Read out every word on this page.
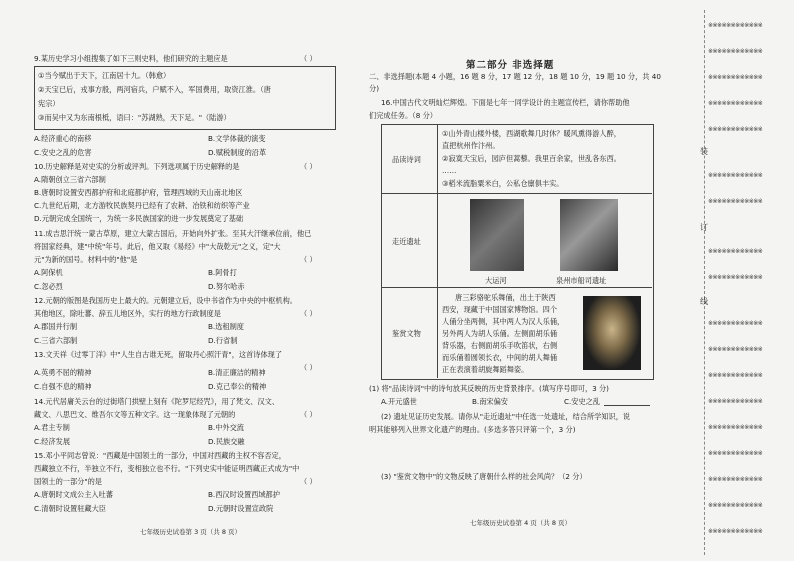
9.某历史学习小组搜集了如下三则史料，他们研究的主题应是	（ ）
①当今赋出于天下，江南居十九。（韩愈）
②天宝已后，戎事方殷，两河宿兵，户赋不入，军国费用，取资江淮。（唐
宪宗）
③而吴中又为东南根柢，语曰："苏湖熟，天下足。"（陆游）
A.经济重心的南移	B.文学体裁的演变
C.安史之乱的危害	D.赋税制度的沿革
10.历史解释是对史实的分析或评判。下列选项属于历史解释的是	（ ）
A.隋朝创立三省六部制
B.唐朝时设置安西都护府和北庭都护府，管理西域的天山南北地区
C.九世纪后期，北方游牧民族契丹已经有了农耕、冶铁和纺织等产业
D.元朝完成全国统一，为统一多民族国家的进一步发展奠定了基础
11.成吉思汗统一蒙古草原，建立大蒙古国后，开始向外扩张。至其大汗继承位前，他已
将国家经典，建"中统"年号。此后，他又取《易经》中"大哉乾元"之义，定"大
元"为新的国号。材料中的"他"是	（ ）
A.阿保机	B.阿骨打
C.忽必烈	D.努尔哈赤
12.元朝的版图是我国历史上最大的。元朝建立后，设中书省作为中央的中枢机构。
其他地区，除吐蕃、辞五儿地区外，实行的地方行政制度是	（ ）
A.郡国并行制	B.选租制度
C.三省六部制	D.行省制
13.文天祥《过零丁洋》中"人生自古谁无死，留取丹心照汗青"，这首诗体现了
（ ）
A.英勇不屈的精神	B.清正廉洁的精神
C.自强不息的精神	D.克己奉公的精神
14.元代居庸关云台的过街塔门拱壁上刻有《陀罗尼经咒》，用了梵文、汉文、
藏文、八思巴文、维吾尔文等五种文字。这一现象体现了元朝的	（ ）
A.君主专制	B.中外交流
C.经济发展	D.民族交融
15.邓小平同志曾说："西藏是中国领土的一部分，中国对西藏的主权不容否定，
西藏独立不行，半独立不行，变相独立也不行。"下列史实中能证明西藏正式成为"中
国领土的一部分"的是	（ ）
A.唐朝时文成公主入吐蕃	B.西汉时设置西域都护
C.清朝时设置驻藏大臣	D.元朝时设置宣政院
七年级历史试卷第 3 页（共 8 页）
第二部分 非选择题
二、非选择题(本题 4 小题，16 题 8 分，17 题 12 分，18 题 10 分，19 题 10 分，共 40
分)
16.中国古代文明灿烂辉煌。下面是七年一同学设计的主题宣传栏，请你帮助他
们完成任务。（8 分）
品读诗词
①山外青山楼外楼，西湖歌舞几时休？暖风熏得游人醉，
直把杭州作汴州。
②寂寞天宝后，园庐但蒿藜。我里百余家，世乱各东西。
……
③稻米流脂粟米白，公私仓廪俱丰实。
走近遗址
大运河	泉州市船司遗址
鉴赏文物
唐三彩骆驼乐舞俑，出土于陕西
西安，现藏于中国国家博物馆。四个
人俑分坐两侧，其中两人为汉人乐俑，
另外两人为胡人乐俑。左侧面胡乐俑
背乐器，右侧面胡乐手吹笛状，右侧
而乐俑着圆领长衣，中间的胡人舞俑
正在表演着胡旋舞蹈舞姿。
(1) 将"品读诗词"中的诗句放其反映的历史背景排序。(填写序号即可，3 分)
A.开元盛世	B.南宋偏安	C.安史之乱
(2) 遗址见证历史发展。请你从"走近遗址"中任选一处遗址，结合所学知识，说
明其能够列入世界文化遗产的理由。(多选多答只评第一个，3 分)
(3) "鉴赏文物中"的文物反映了唐朝什么样的社会风尚？（2 分）
七年级历史试卷第 4 页（共 8 页）
装
订
线
※※※※※※※※※※※※
※※※※※※※※※※※※
※※※※※※※※※※※※
※※※※※※※※※※※※
※※※※※※※※※※※※
※※※※※※※※※※※※
※※※※※※※※※※※※
※※※※※※※※※※※※
※※※※※※※※※※※※
※※※※※※※※※※※※
※※※※※※※※※※※※
※※※※※※※※※※※※
※※※※※※※※※※※※
※※※※※※※※※※※※
※※※※※※※※※※※※
※※※※※※※※※※※※
※※※※※※※※※※※※
※※※※※※※※※※※※
